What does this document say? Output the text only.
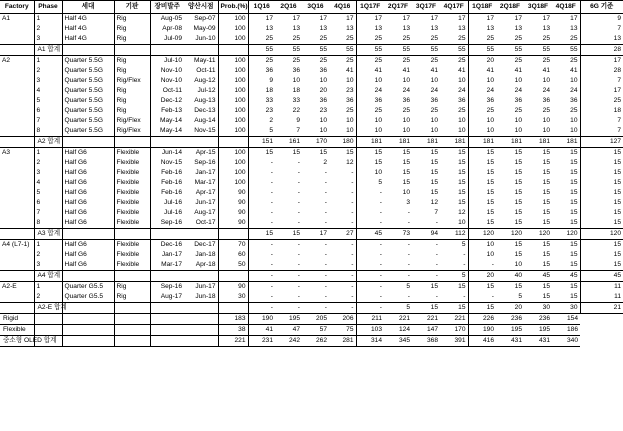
Factory	Phase	세대	기판	장비발주	양산시점	Prob.(%)	1Q16	2Q16	3Q16	4Q16	1Q17F	2Q17F	3Q17F	4Q17F	1Q18F	2Q18F	3Q18F	4Q18F	6G 기준
A1	1	Half 4G	Rig	Aug-05	Sep-07	100	17	17	17	17	17	17	17	17	17	17	17	17	9
	2	Half 4G	Rig	Apr-08	May-09	100	13	13	13	13	13	13	13	13	13	13	13	13	7
	3	Half 4G	Rig	Jul-09	Jun-10	100	25	25	25	25	25	25	25	25	25	25	25	25	13
	A1 합계						55	55	55	55	55	55	55	55	55	55	55	55	28
A2	1	Quarter 5.5G	Rig	Jul-10	May-11	100	25	25	25	25	25	25	25	25	20	25	25	25	17
	2	Quarter 5.5G	Rig	Nov-10	Oct-11	100	36	36	36	41	41	41	41	41	41	41	41	41	28
	3	Quarter 5.5G	Rig/Flex	Nov-10	Aug-12	100	9	10	10	10	10	10	10	10	10	10	10	10	7
	4	Quarter 5.5G	Rig	Oct-11	Jul-12	100	18	18	20	23	24	24	24	24	24	24	24	24	17
	5	Quarter 5.5G	Rig	Dec-12	Aug-13	100	33	33	36	36	36	36	36	36	36	36	36	36	25
	6	Quarter 5.5G	Rig	Feb-13	Dec-13	100	23	22	23	25	25	25	25	25	25	25	25	25	18
	7	Quarter 5.5G	Rig/Flex	May-14	Aug-14	100	2	9	10	10	10	10	10	10	10	10	10	10	7
	8	Quarter 5.5G	Rig/Flex	May-14	Nov-15	100	5	7	10	10	10	10	10	10	10	10	10	10	7
	A2 합계						151	161	170	180	181	181	181	181	181	181	181	181	127
A3	1	Half G6	Flexible	Jun-14	Apr-15	100	15	15	15	15	15	15	15	15	15	15	15	15	15
	2	Half G6	Flexible	Nov-15	Sep-16	100	-	-	2	12	15	15	15	15	15	15	15	15	15
	3	Half G6	Flexible	Feb-16	Jan-17	100	-	-	-	-	10	15	15	15	15	15	15	15	15
	4	Half G6	Flexible	Feb-16	Mar-17	100	-	-	-	-	5	15	15	15	15	15	15	15	15
	5	Half G6	Flexible	Feb-16	Apr-17	90	-	-	-	-	-	10	15	15	15	15	15	15	15
	6	Half G6	Flexible	Jul-16	Jun-17	90	-	-	-	-	-	3	12	15	15	15	15	15	15
	7	Half G6	Flexible	Jul-16	Aug-17	90	-	-	-	-	-	-	7	12	15	15	15	15	15
	8	Half G6	Flexible	Sep-16	Oct-17	90	-	-	-	-	-	-	-	10	15	15	15	15	15
	A3 합계						15	15	17	27	45	73	94	112	120	120	120	120	120
A4 (L7-1)	1	Half G6	Flexible	Dec-16	Dec-17	70	-	-	-	-	-	-	-	5	10	15	15	15	15
	2	Half G6	Flexible	Jan-17	Jan-18	60	-	-	-	-	-	-	-	-	10	15	15	15	15
	3	Half G6	Flexible	Mar-17	Apr-18	50	-	-	-	-	-	-	-	-	-	10	15	15	15
	A4 합계						-	-	-	-	-	-	-	5	20	40	45	45	45
A2-E	1	Quarter G5.5	Rig	Sep-16	Jun-17	90	-	-	-	-	-	5	15	15	15	15	15	15	11
	2	Quarter G5.5	Rig	Aug-17	Jun-18	30	-	-	-	-	-	-	-	-	-	5	15	15	11
	A2-E 합계						-	-	-	-	-	5	15	15	15	20	30	30	21
Rigid						183	190	195	205	206	211	221	221	221	226	236	236	154	
Flexible						38	41	47	57	75	103	124	147	170	190	195	195	186	
중소형 OLED 합계						221	231	242	262	281	314	345	368	391	416	431	431	340	
